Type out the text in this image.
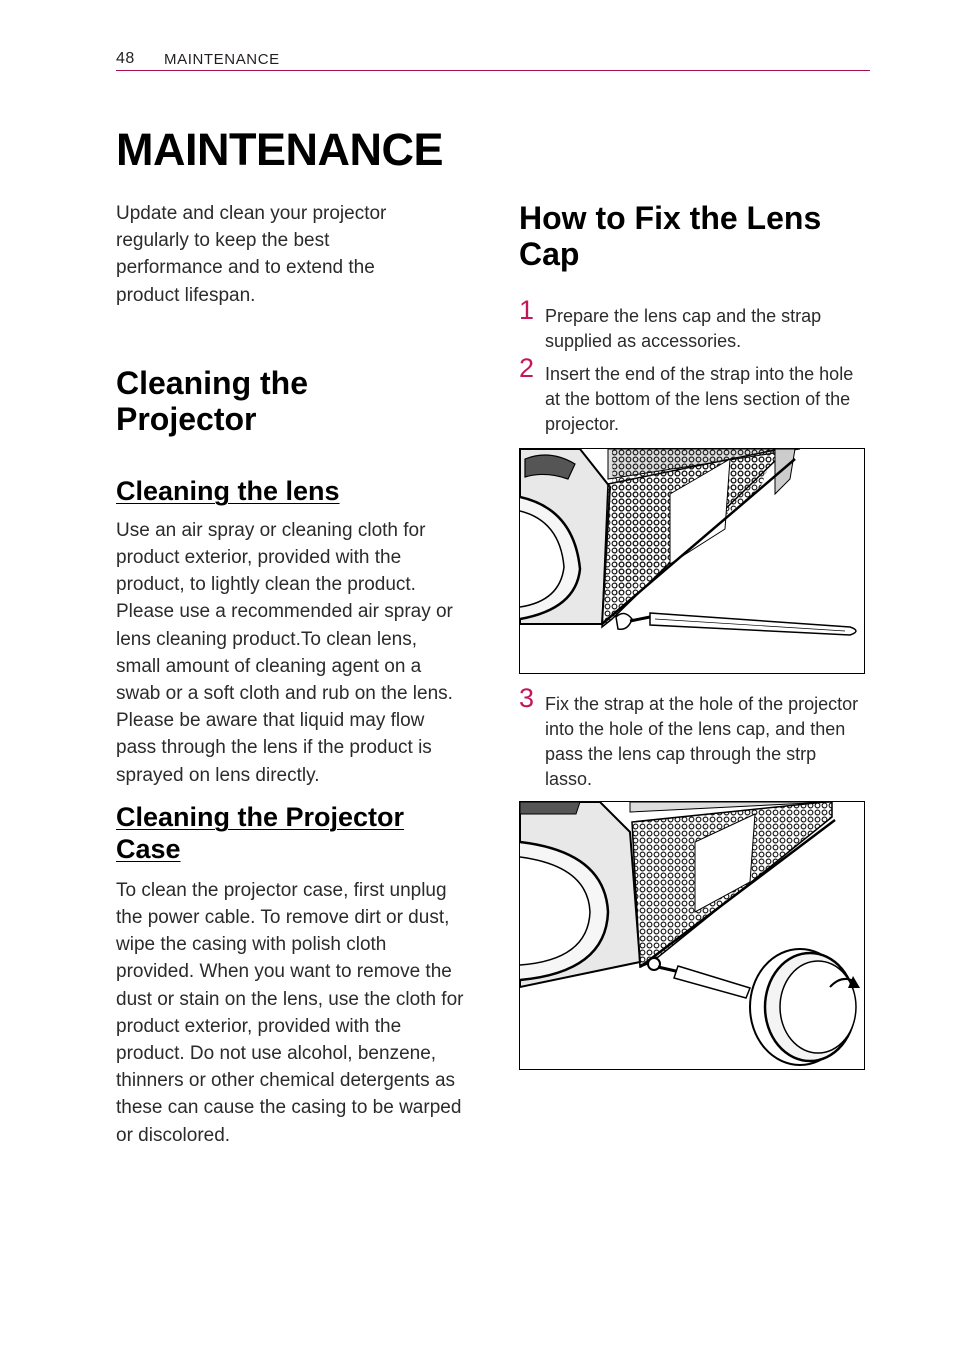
48 MAINTENANCE
MAINTENANCE

Update and clean your projector regularly to keep the best performance and to extend the product lifespan.

Cleaning the Projector
Cleaning the lens

Use an air spray or cleaning cloth for product exterior, provided with the product, to lightly clean the product. Please use a recommended air spray or lens cleaning product.To clean lens, small amount of cleaning agent on a swab or a soft cloth and rub on the lens. Please be aware that liquid may flow pass through the lens if the product is sprayed on lens directly.

Cleaning the Projector Case

To clean the projector case, first unplug the power cable. To remove dirt or dust, wipe the casing with polish cloth provided. When you want to remove the dust or stain on the lens, use the cloth for product exterior, provided with the product. Do not use alcohol, benzene, thinners or other chemical detergents as these can cause the casing to be warped or discolored.

How to Fix the Lens Cap
1 Prepare the lens cap and the strap supplied as accessories.
2 Insert the end of the strap into the hole at the bottom of the lens section of the projector.
3 Fix the strap at the hole of the projector into the hole of the lens cap, and then pass the lens cap through the strp lasso.
